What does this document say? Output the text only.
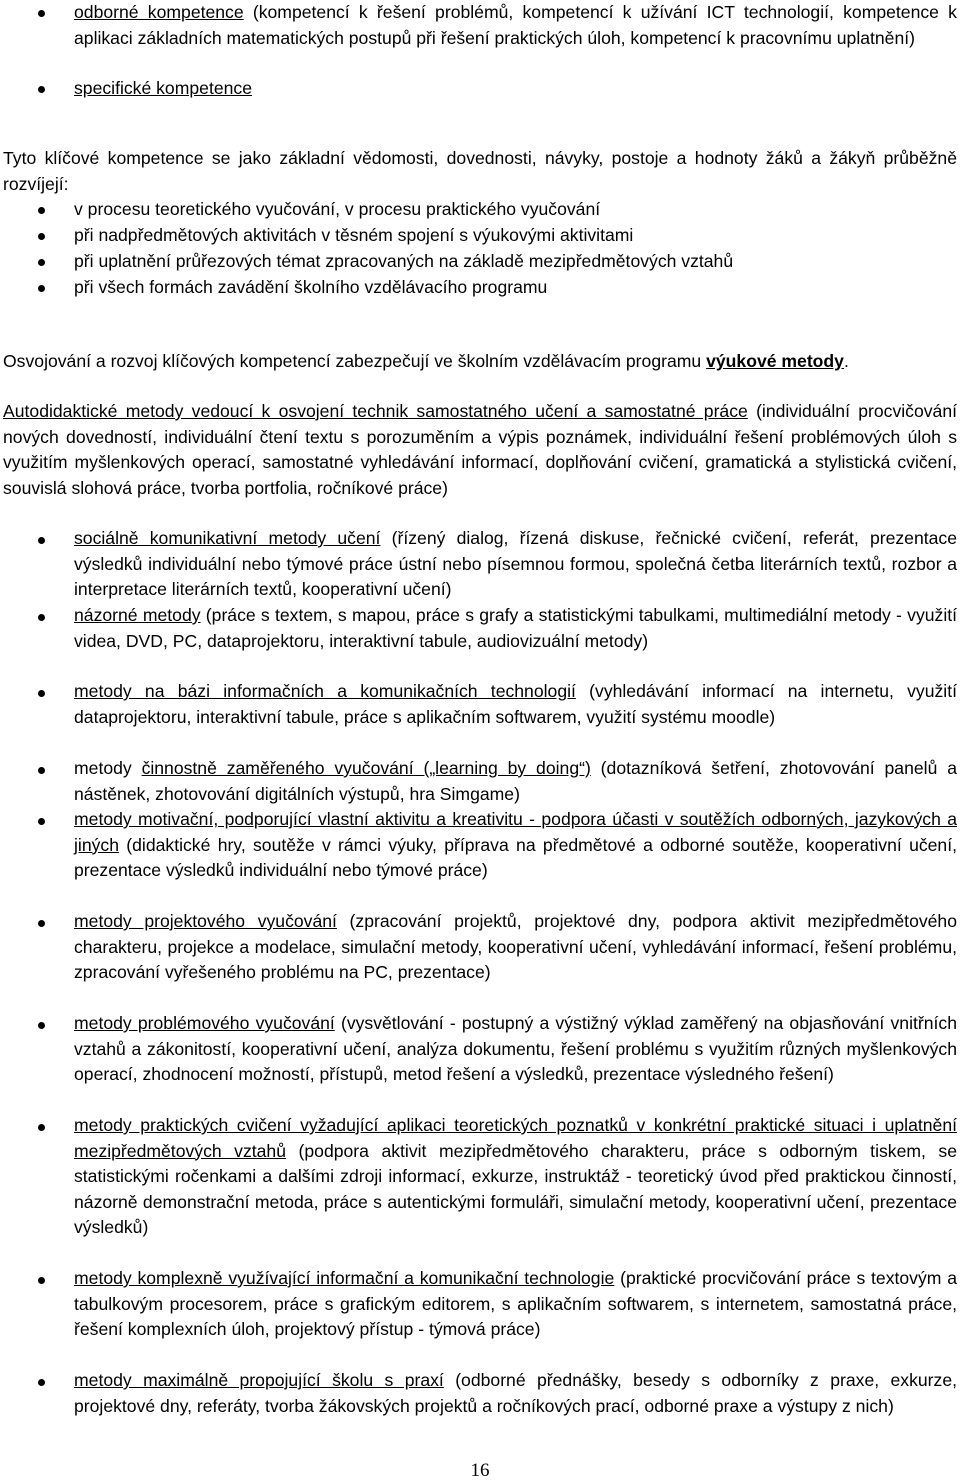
odborné kompetence (kompetencí k řešení problémů, kompetencí k užívání ICT technologií, kompetence k aplikaci základních matematických postupů při řešení praktických úloh, kompetencí k pracovnímu uplatnění)
specifické kompetence
Tyto klíčové kompetence se jako základní vědomosti, dovednosti, návyky, postoje a hodnoty žáků a žákyň průběžně rozvíjejí:
v procesu teoretického vyučování, v procesu praktického vyučování
při nadpředmětových aktivitách v těsném spojení s výukovými aktivitami
při uplatnění průřezových témat zpracovaných na základě mezipředmětových vztahů
při všech formách zavádění školního vzdělávacího programu
Osvojování a rozvoj klíčových kompetencí zabezpečují ve školním vzdělávacím programu výukové metody.
Autodidaktické metody vedoucí k osvojení technik samostatného učení a samostatné práce (individuální procvičování nových dovedností, individuální čtení textu s porozuměním a výpis poznámek, individuální řešení problémových úloh s využitím myšlenkových operací, samostatné vyhledávání informací, doplňování cvičení, gramatická a stylistická cvičení, souvislá slohová práce, tvorba portfolia, ročníkové práce)
sociálně komunikativní metody učení (řízený dialog, řízená diskuse, řečnické cvičení, referát, prezentace výsledků individuální nebo týmové práce ústní nebo písemnou formou, společná četba literárních textů, rozbor a interpretace literárních textů, kooperativní učení)
názorné metody (práce s textem, s mapou, práce s grafy a statistickými tabulkami, multimediální metody - využití videa, DVD, PC, dataprojektoru, interaktivní tabule, audiovizuální metody)
metody na bázi informačních a komunikačních technologií (vyhledávání informací na internetu, využití dataprojektoru, interaktivní tabule, práce s aplikačním softwarem, využití systému moodle)
metody činnostně zaměřeného vyučování („learning by doing“) (dotazníková šetření, zhotovování panelů a nástěnek, zhotovování digitálních výstupů, hra Simgame)
metody motivační, podporující vlastní aktivitu a kreativitu - podpora účasti v soutěžích odborných, jazykových a jiných (didaktické hry, soutěže v rámci výuky, příprava na předmětové a odborné soutěže, kooperativní učení, prezentace výsledků individuální nebo týmové práce)
metody projektového vyučování (zpracování projektů, projektové dny, podpora aktivit mezipředmětového charakteru, projekce a modelace, simulační metody, kooperativní učení, vyhledávání informací, řešení problému, zpracování vyřešeného problému na PC, prezentace)
metody problémového vyučování (vysvětlování - postupný a výstižný výklad zaměřený na objasňování vnitřních vztahů a zákonitostí, kooperativní učení, analýza dokumentu, řešení problému s využitím různých myšlenkových operací, zhodnocení možností, přístupů, metod řešení a výsledků, prezentace výsledného řešení)
metody praktických cvičení vyžadující aplikaci teoretických poznatků v konkrétní praktické situaci i uplatnění mezipředmětových vztahů (podpora aktivit mezipředmětového charakteru, práce s odborným tiskem, se statistickými ročenkami a dalšími zdroji informací, exkurze, instruktáž - teoretický úvod před praktickou činností, názorně demonstrační metoda, práce s autentickými formuláři, simulační metody, kooperativní učení, prezentace výsledků)
metody komplexně využívající informační a komunikační technologie (praktické procvičování práce s textovým a tabulkovým procesorem, práce s grafickým editorem, s aplikačním softwarem, s internetem, samostatná práce, řešení komplexních úloh, projektový přístup - týmová práce)
metody maximálně propojující školu s praxí (odborné přednášky, besedy s odborníky z praxe, exkurze, projektové dny, referáty, tvorba žákovských projektů a ročníkových prací, odborné praxe a výstupy z nich)
16
